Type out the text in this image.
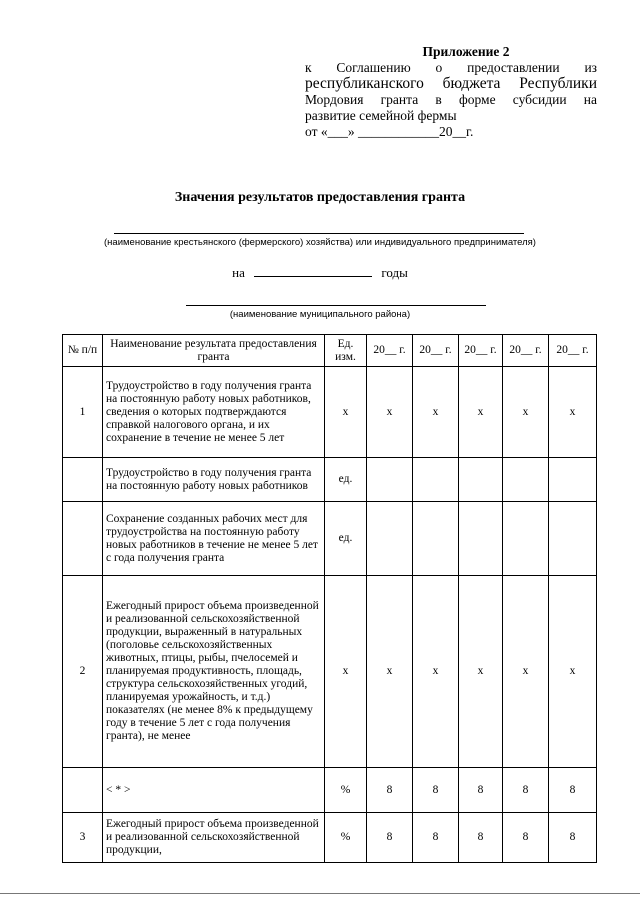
Приложение 2
к Соглашению о предоставлении из
республиканского бюджета Республики
Мордовия гранта в форме субсидии на
развитие семейной фермы
от «___» ____________20__г.
Значения результатов предоставления гранта
(наименование крестьянского (фермерского) хозяйства) или индивидуального предпринимателя)
на	годы
(наименование муниципального района)
№ п/п	Наименование результата предоставления гранта	Ед. изм.	20__ г.	20__ г.	20__ г.	20__ г.	20__ г.
1	Трудоустройство в году получения гранта на постоянную работу новых работников, сведения о которых подтверждаются справкой налогового органа, и их сохранение в течение не менее 5 лет	х	х	х	х	х	х
	Трудоустройство в году получения гранта на постоянную работу новых работников	ед.					
	Сохранение созданных рабочих мест для трудоустройства на постоянную работу новых работников в течение не менее 5 лет с года получения гранта	ед.					
2	Ежегодный прирост объема произведенной и реализованной сельскохозяйственной продукции, выраженный в натуральных (поголовье сельскохозяйственных животных, птицы, рыбы, пчелосемей и планируемая продуктивность, площадь, структура сельскохозяйственных угодий, планируемая урожайность, и т.д.) показателях (не менее 8% к предыдущему году в течение 5 лет с года получения гранта), не менее	х	х	х	х	х	х
	< * >	%	8	8	8	8	8
3	Ежегодный прирост объема произведенной и реализованной сельскохозяйственной продукции,	%	8	8	8	8	8
